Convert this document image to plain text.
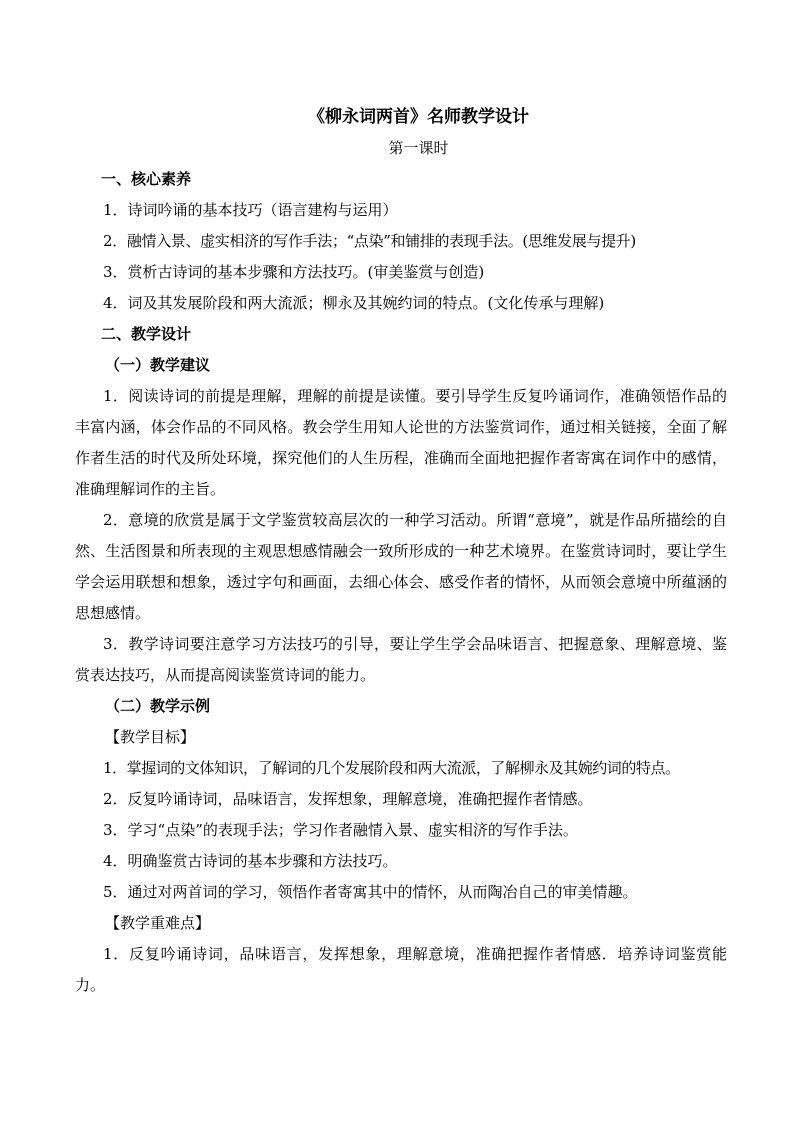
《柳永词两首》名师教学设计
第一课时
一、核心素养
1．诗词吟诵的基本技巧（语言建构与运用）
2．融情入景、虚实相济的写作手法；“点染”和铺排的表现手法。(思维发展与提升)
3．赏析古诗词的基本步骤和方法技巧。(审美鉴赏与创造)
4．词及其发展阶段和两大流派；柳永及其婉约词的特点。(文化传承与理解)
二、教学设计
（一）教学建议
1．阅读诗词的前提是理解，理解的前提是读懂。要引导学生反复吟诵词作，准确领悟作品的丰富内涵，体会作品的不同风格。教会学生用知人论世的方法鉴赏词作，通过相关链接，全面了解作者生活的时代及所处环境，探究他们的人生历程，准确而全面地把握作者寄寓在词作中的感情，准确理解词作的主旨。
2．意境的欣赏是属于文学鉴赏较高层次的一种学习活动。所谓“意境”，就是作品所描绘的自然、生活图景和所表现的主观思想感情融会一致所形成的一种艺术境界。在鉴赏诗词时，要让学生学会运用联想和想象，透过字句和画面，去细心体会、感受作者的情怀，从而领会意境中所蕴涵的思想感情。
3．教学诗词要注意学习方法技巧的引导，要让学生学会品味语言、把握意象、理解意境、鉴赏表达技巧，从而提高阅读鉴赏诗词的能力。
（二）教学示例
【教学目标】
1．掌握词的文体知识，了解词的几个发展阶段和两大流派，了解柳永及其婉约词的特点。
2．反复吟诵诗词，品味语言，发挥想象，理解意境，准确把握作者情感。
3．学习“点染”的表现手法；学习作者融情入景、虚实相济的写作手法。
4．明确鉴赏古诗词的基本步骤和方法技巧。
5．通过对两首词的学习，领悟作者寄寓其中的情怀，从而陶冶自己的审美情趣。
【教学重难点】
1．反复吟诵诗词，品味语言，发挥想象，理解意境，准确把握作者情感．培养诗词鉴赏能力。
